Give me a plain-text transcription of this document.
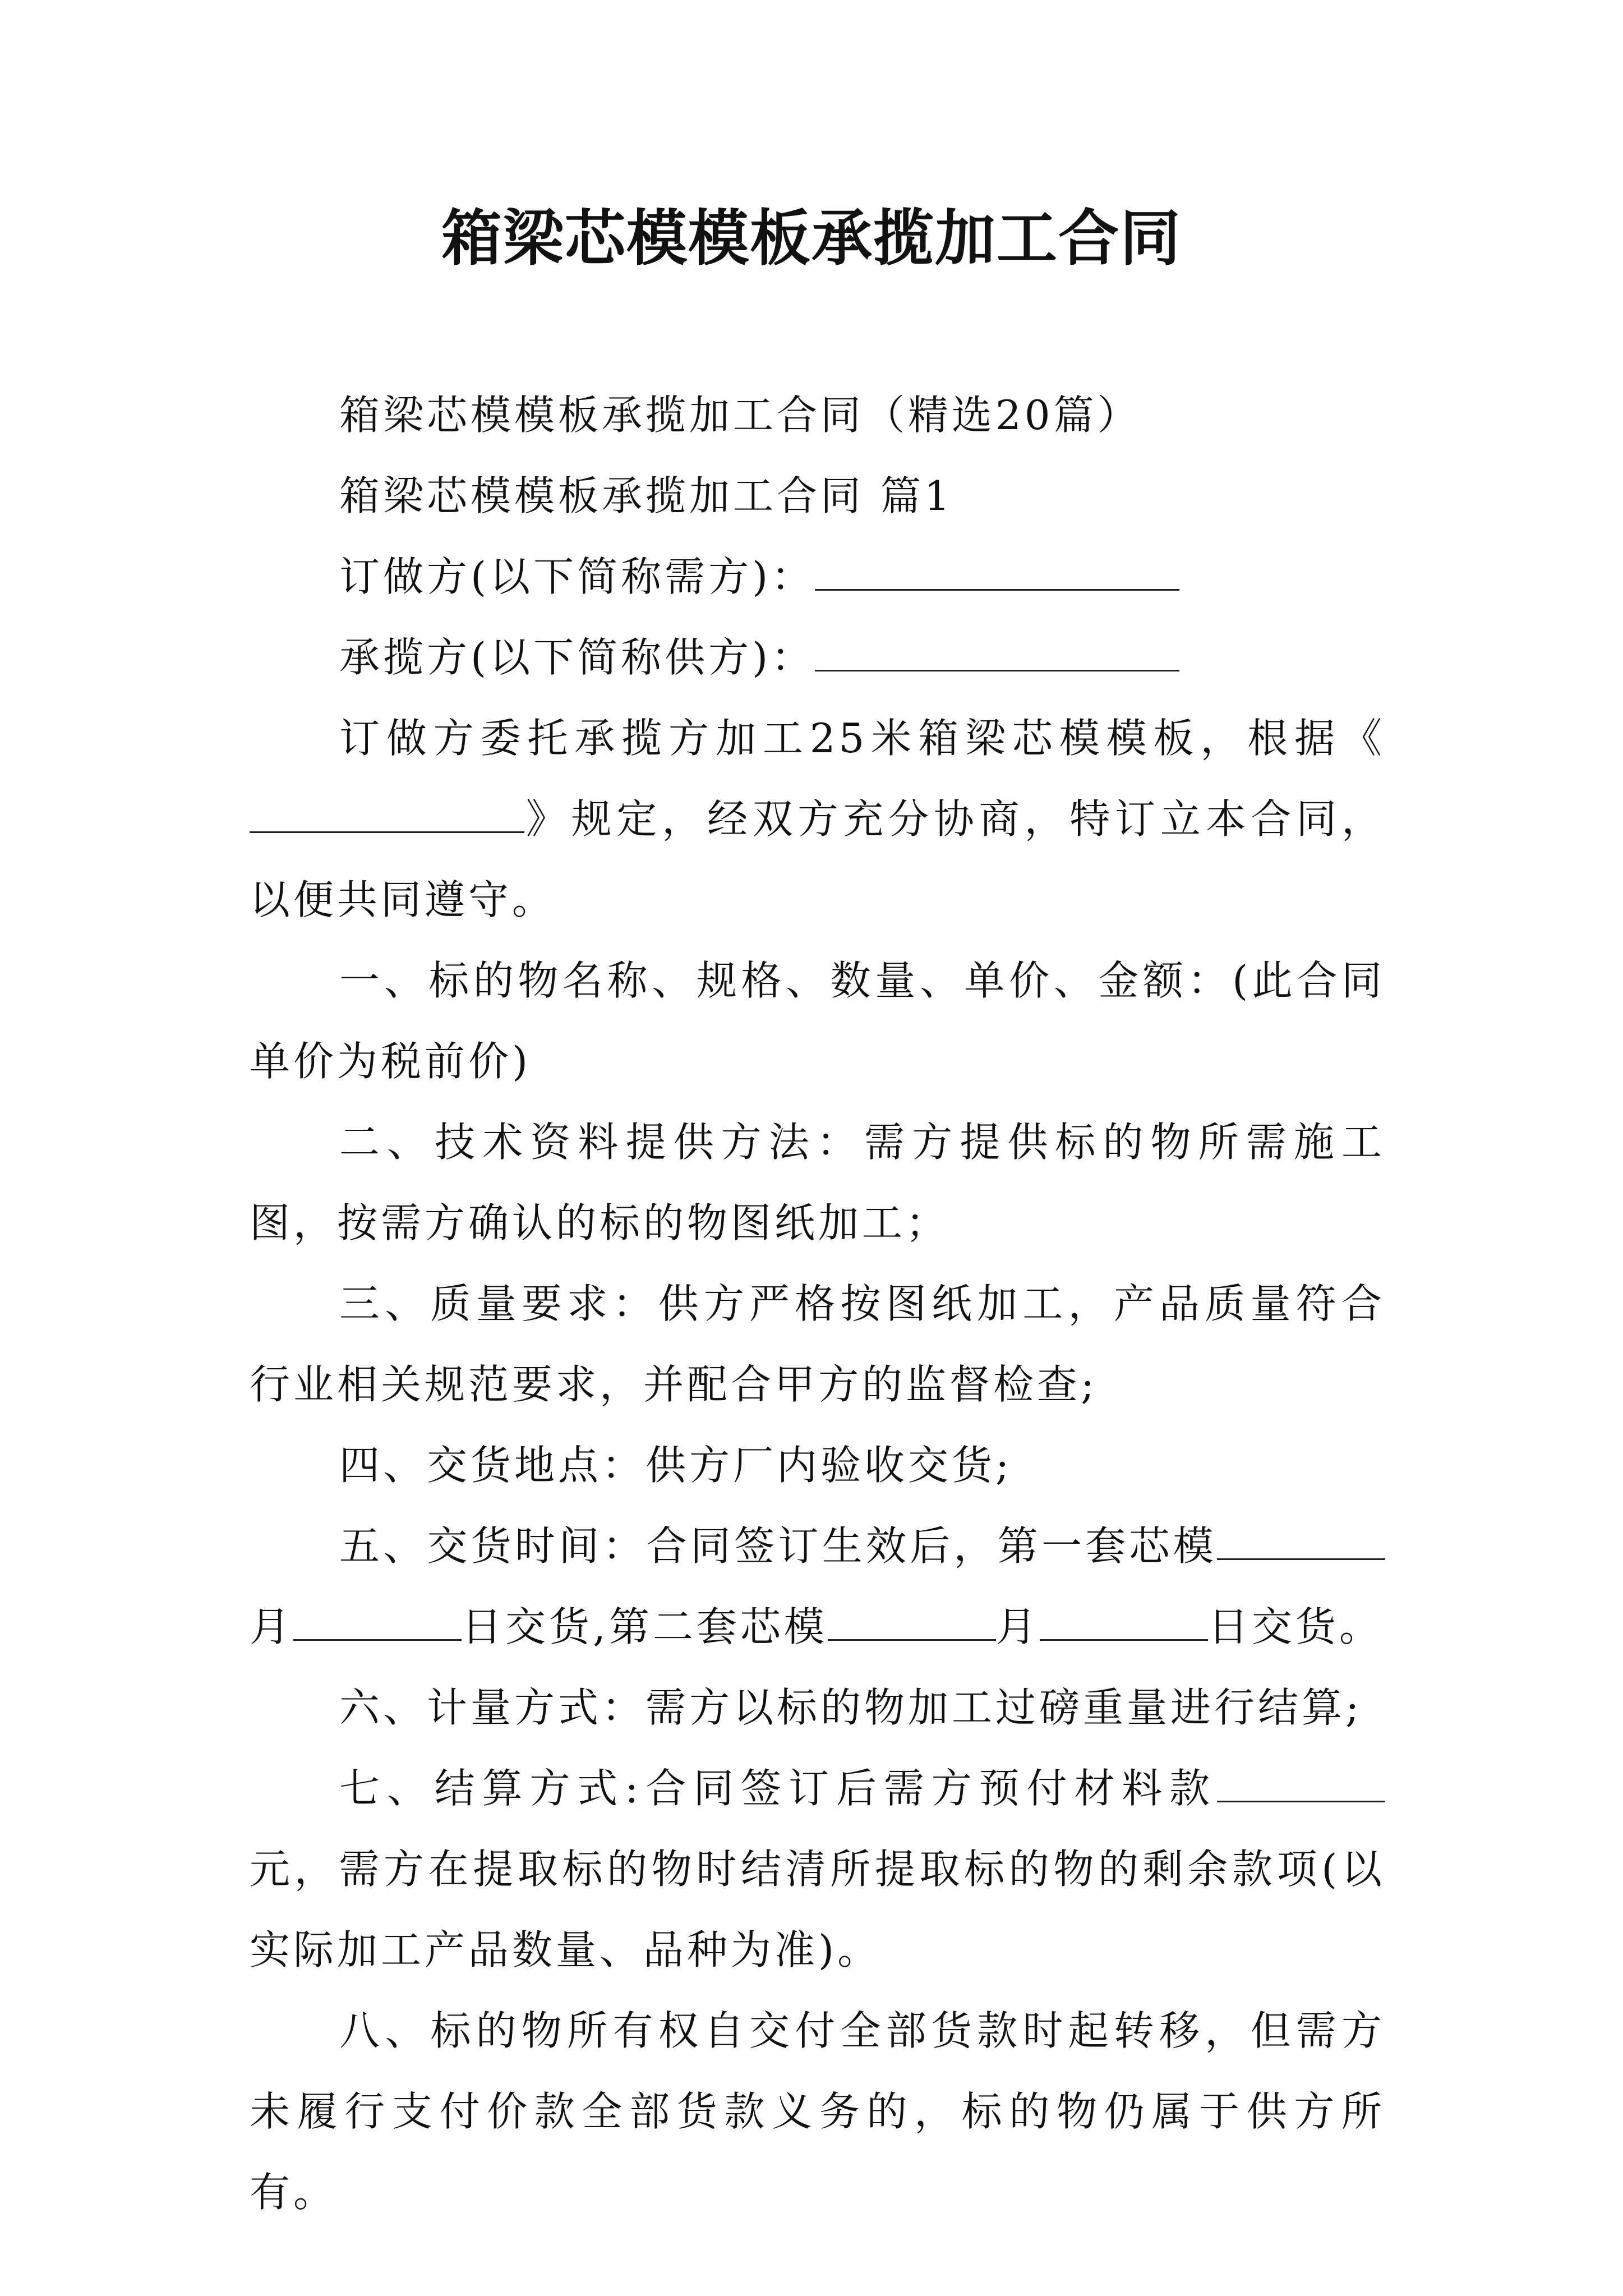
箱梁芯模模板承揽加工合同

箱梁芯模模板承揽加工合同（精选20篇）

箱梁芯模模板承揽加工合同 篇1

订做方(以下简称需方)：

承揽方(以下简称供方)：

订做方委托承揽方加工25米箱梁芯模模板，根据《》规定，经双方充分协商，特订立本合同，以便共同遵守。

一、标的物名称、规格、数量、单价、金额：(此合同单价为税前价)

二、技术资料提供方法：需方提供标的物所需施工图，按需方确认的标的物图纸加工；

三、质量要求：供方严格按图纸加工，产品质量符合行业相关规范要求，并配合甲方的监督检查;

四、交货地点：供方厂内验收交货;

五、交货时间：合同签订生效后，第一套芯模月	日交货,第二套芯模	月	日交货。

六、计量方式：需方以标的物加工过磅重量进行结算;

七、结算方式:合同签订后需方预付材料款元，需方在提取标的物时结清所提取标的物的剩余款项(以实际加工产品数量、品种为准)。

八、标的物所有权自交付全部货款时起转移，但需方未履行支付价款全部货款义务的，标的物仍属于供方所有。
